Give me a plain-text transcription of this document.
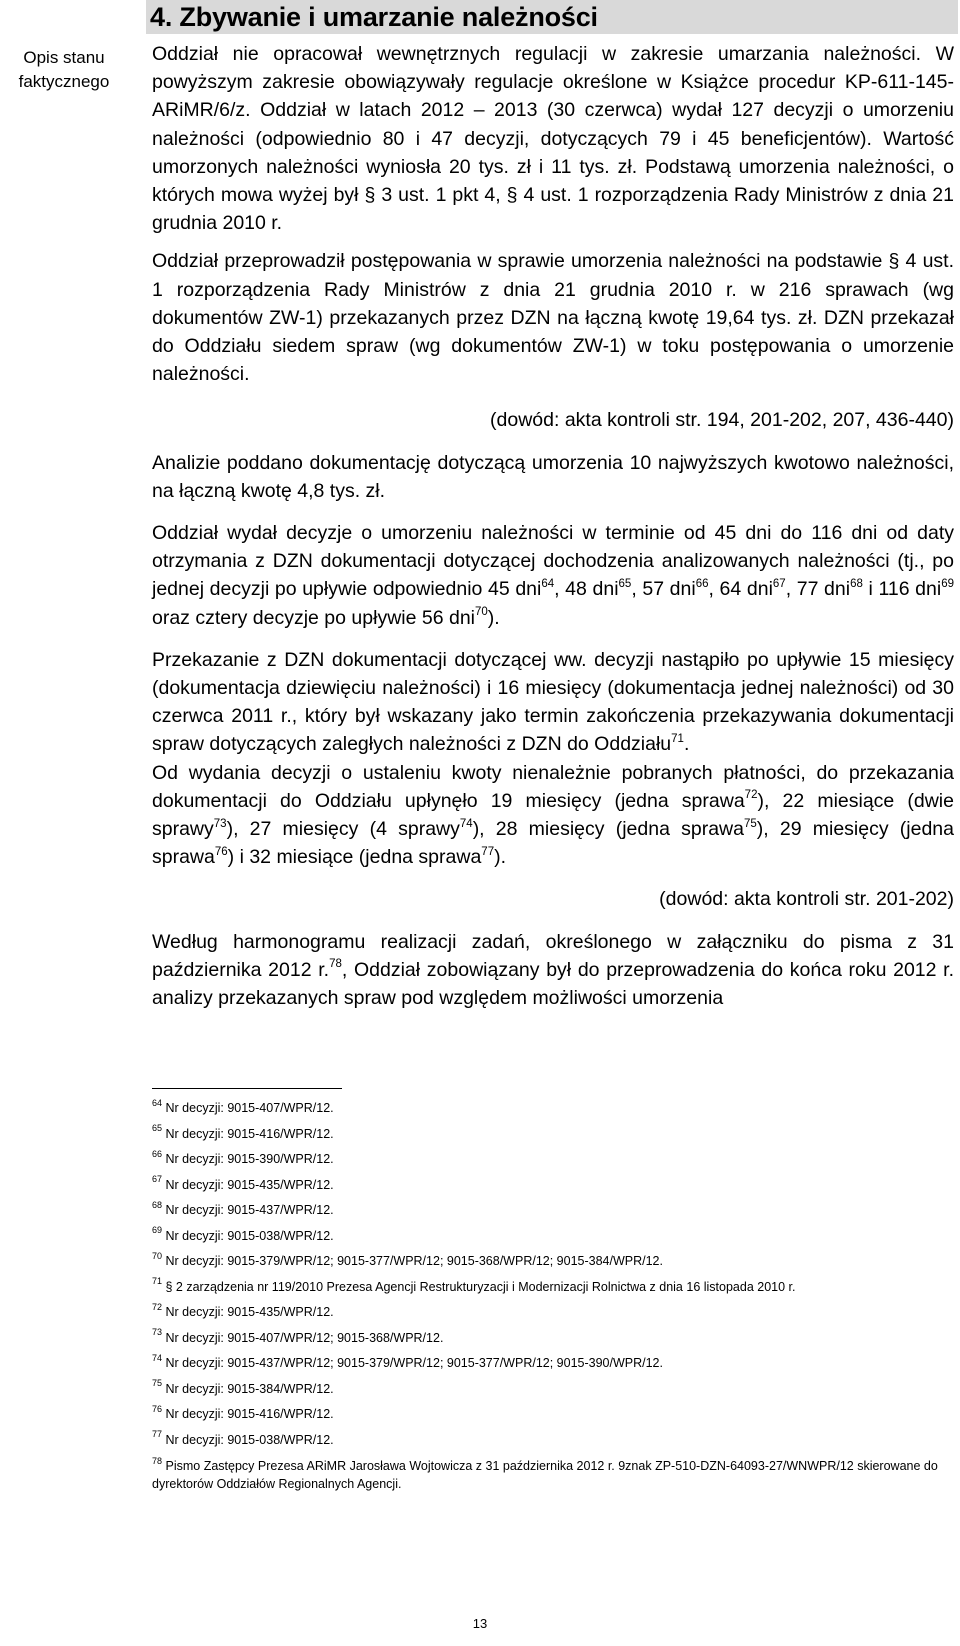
Opis stanu
faktycznego
4. Zbywanie i umarzanie należności

Oddział nie opracował wewnętrznych regulacji w zakresie umarzania należności. W powyższym zakresie obowiązywały regulacje określone w Książce procedur KP-611-145-ARiMR/6/z. Oddział w latach 2012 – 2013 (30 czerwca) wydał 127 decyzji o umorzeniu należności (odpowiednio 80 i 47 decyzji, dotyczących 79 i 45 beneficjentów). Wartość umorzonych należności wyniosła 20 tys. zł i 11 tys. zł. Podstawą umorzenia należności, o których mowa wyżej był § 3 ust. 1 pkt 4, § 4 ust. 1 rozporządzenia Rady Ministrów z dnia 21 grudnia 2010 r.

Oddział przeprowadził postępowania w sprawie umorzenia należności na podstawie § 4 ust. 1 rozporządzenia Rady Ministrów z dnia 21 grudnia 2010 r. w 216 sprawach (wg dokumentów ZW-1) przekazanych przez DZN na łączną kwotę 19,64 tys. zł. DZN przekazał do Oddziału siedem spraw (wg dokumentów ZW-1) w toku postępowania o umorzenie należności.

(dowód: akta kontroli str. 194, 201-202, 207, 436-440)

Analizie poddano dokumentację dotyczącą umorzenia 10 najwyższych kwotowo należności, na łączną kwotę 4,8 tys. zł.

Oddział wydał decyzje o umorzeniu należności w terminie od 45 dni do 116 dni od daty otrzymania z DZN dokumentacji dotyczącej dochodzenia analizowanych należności (tj., po jednej decyzji po upływie odpowiednio 45 dni$^{64}$, 48 dni$^{65}$, 57 dni$^{66}$, 64 dni$^{67}$, 77 dni$^{68}$ i 116 dni$^{69}$ oraz cztery decyzje po upływie 56 dni$^{70}$).

Przekazanie z DZN dokumentacji dotyczącej ww. decyzji nastąpiło po upływie 15 miesięcy (dokumentacja dziewięciu należności) i 16 miesięcy (dokumentacja jednej należności) od 30 czerwca 2011 r., który był wskazany jako termin zakończenia przekazywania dokumentacji spraw dotyczących zaległych należności z DZN do Oddziału$^{71}$.

Od wydania decyzji o ustaleniu kwoty nienależnie pobranych płatności, do przekazania dokumentacji do Oddziału upłynęło 19 miesięcy (jedna sprawa$^{72}$), 22 miesiące (dwie sprawy$^{73}$), 27 miesięcy (4 sprawy$^{74}$), 28 miesięcy (jedna sprawa$^{75}$), 29 miesięcy (jedna sprawa$^{76}$) i 32 miesiące (jedna sprawa$^{77}$).

(dowód: akta kontroli str. 201-202)

Według harmonogramu realizacji zadań, określonego w załączniku do pisma z 31 października 2012 r.$^{78}$, Oddział zobowiązany był do przeprowadzenia do końca roku 2012 r. analizy przekazanych spraw pod względem możliwości umorzenia

$^{64}$ Nr decyzji: 9015-407/WPR/12.
$^{65}$ Nr decyzji: 9015-416/WPR/12.
$^{66}$ Nr decyzji: 9015-390/WPR/12.
$^{67}$ Nr decyzji: 9015-435/WPR/12.
$^{68}$ Nr decyzji: 9015-437/WPR/12.
$^{69}$ Nr decyzji: 9015-038/WPR/12.
$^{70}$ Nr decyzji: 9015-379/WPR/12; 9015-377/WPR/12; 9015-368/WPR/12; 9015-384/WPR/12.
$^{71}$ § 2 zarządzenia nr 119/2010 Prezesa Agencji Restrukturyzacji i Modernizacji Rolnictwa z dnia 16 listopada 2010 r.
$^{72}$ Nr decyzji: 9015-435/WPR/12.
$^{73}$ Nr decyzji: 9015-407/WPR/12; 9015-368/WPR/12.
$^{74}$ Nr decyzji: 9015-437/WPR/12; 9015-379/WPR/12; 9015-377/WPR/12; 9015-390/WPR/12.
$^{75}$ Nr decyzji: 9015-384/WPR/12.
$^{76}$ Nr decyzji: 9015-416/WPR/12.
$^{77}$ Nr decyzji: 9015-038/WPR/12.
$^{78}$ Pismo Zastępcy Prezesa ARiMR Jarosława Wojtowicza z 31 października 2012 r. 9znak ZP-510-DZN-64093-27/WNWPR/12 skierowane do dyrektorów Oddziałów Regionalnych Agencji.
13
